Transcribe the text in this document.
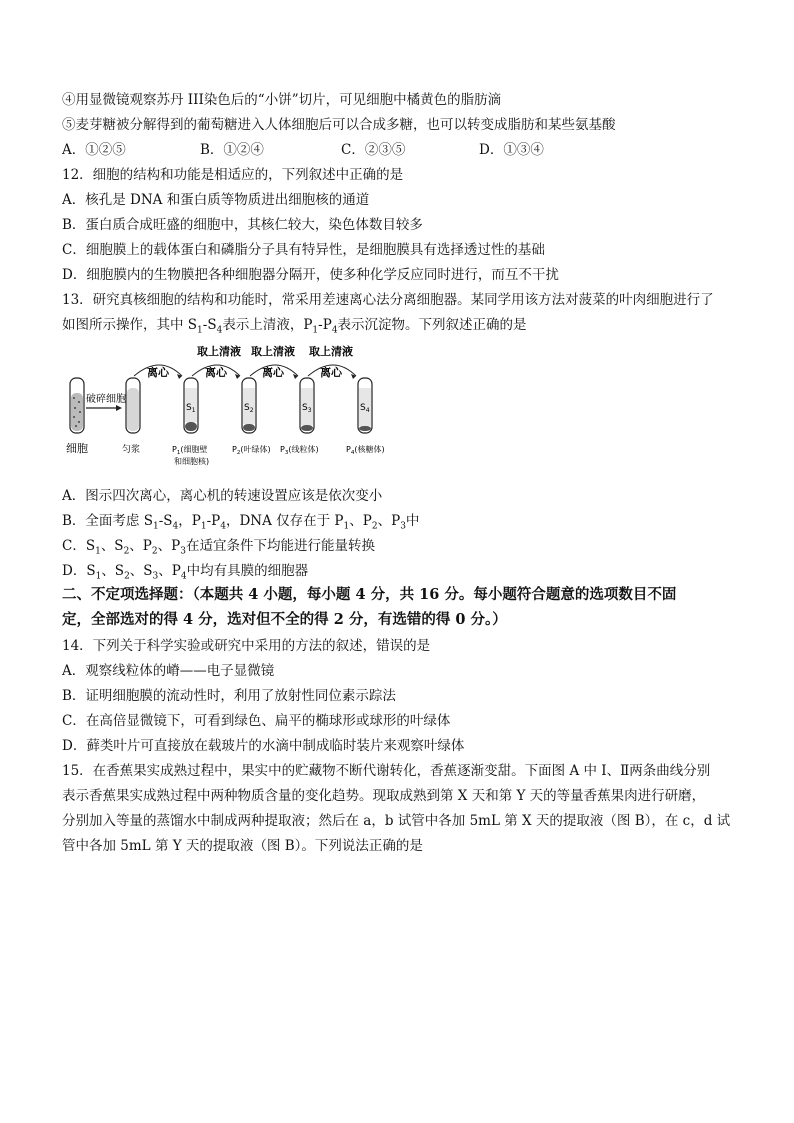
④用显微镜观察苏丹 III染色后的“小饼”切片，可见细胞中橘黄色的脂肪滴
⑤麦芽糖被分解得到的葡萄糖进入人体细胞后可以合成多糖，也可以转变成脂肪和某些氨基酸
A．①②⑤	B．①②④	C．②③⑤	D．①③④
12．细胞的结构和功能是相适应的，下列叙述中正确的是
A．核孔是 DNA 和蛋白质等物质进出细胞核的通道
B．蛋白质合成旺盛的细胞中，其核仁较大，染色体数目较多
C．细胞膜上的载体蛋白和磷脂分子具有特异性，是细胞膜具有选择透过性的基础
D．细胞膜内的生物膜把各种细胞器分隔开，使多种化学反应同时进行，而互不干扰
13．研究真核细胞的结构和功能时，常采用差速离心法分离细胞器。某同学用该方法对菠菜的叶肉细胞进行了
如图所示操作，其中 $S_1-S_4$表示上清液，$P_1-P_4$表示沉淀物。下列叙述正确的是
取上清液 取上清液 取上清液
离心	离心	离心	离心
破碎细胞
$S_1$	$S_2$	$S_3$	$S_4$
细胞	匀浆	$P_1$(细胞壁
和细胞核)
$P_2$(叶绿体) $P_3$(线粒体)	$P_4$(核糖体)
A．图示四次离心，离心机的转速设置应该是依次变小
B．全面考虑 $S_1-S_4$，$P_1-P_4$，DNA 仅存在于 $P_1$、$P_2$、$P_3$中
C．$S_1$、$S_2$、$P_2$、$P_3$在适宜条件下均能进行能量转换
D．$S_1$、$S_2$、$S_3$、$P_4$中均有具膜的细胞器
二、不定项选择题：（本题共 4 小题，每小题 4 分，共 16 分。每小题符合题意的选项数目不固
定，全部选对的得 4 分，选对但不全的得 2 分，有选错的得 0 分。）
14．下列关于科学实验或研究中采用的方法的叙述，错误的是
A．观察线粒体的嵴——电子显微镜
B．证明细胞膜的流动性时，利用了放射性同位素示踪法
C．在高倍显微镜下，可看到绿色、扁平的椭球形或球形的叶绿体
D．藓类叶片可直接放在载玻片的水滴中制成临时装片来观察叶绿体
15．在香蕉果实成熟过程中，果实中的贮藏物不断代谢转化，香蕉逐渐变甜。下面图 A 中 I、Ⅱ两条曲线分别
表示香蕉果实成熟过程中两种物质含量的变化趋势。现取成熟到第 X 天和第 Y 天的等量香蕉果肉进行研磨，
分别加入等量的蒸馏水中制成两种提取液；然后在 a，b 试管中各加 5mL 第 X 天的提取液（图 B），在 c，d 试
管中各加 5mL 第 Y 天的提取液（图 B）。下列说法正确的是
